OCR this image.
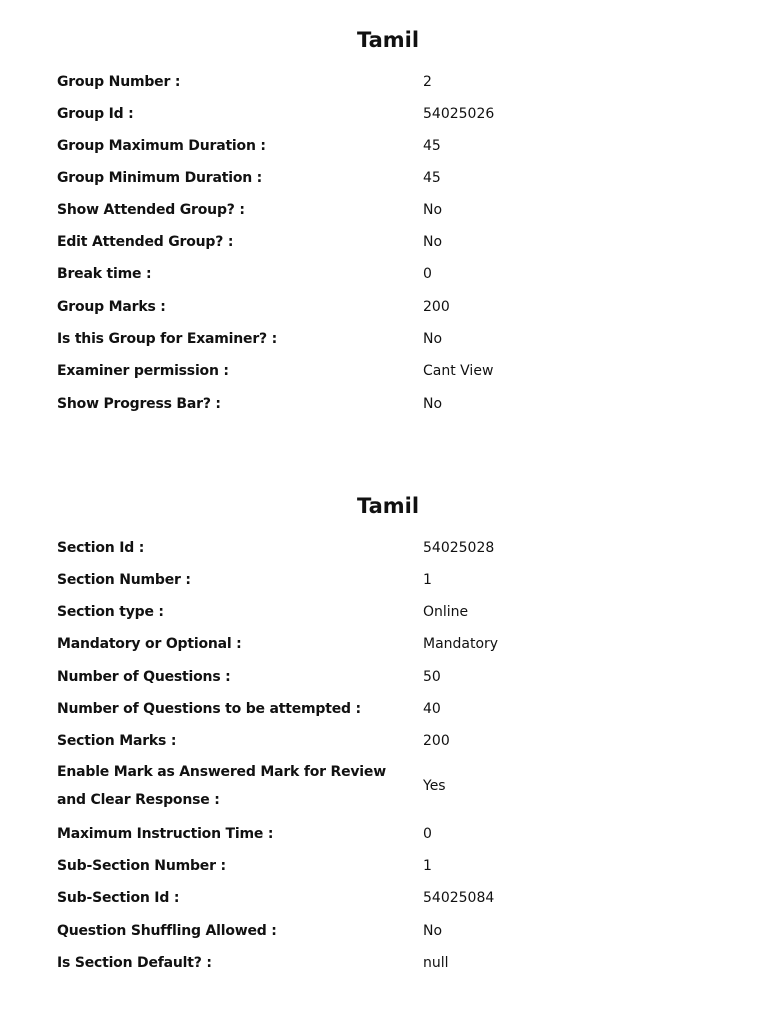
Tamil
Group Number :	2
Group Id :	54025026
Group Maximum Duration :	45
Group Minimum Duration :	45
Show Attended Group? :	No
Edit Attended Group? :	No
Break time :	0
Group Marks :	200
Is this Group for Examiner? :	No
Examiner permission :	Cant View
Show Progress Bar? :	No
Tamil
Section Id :	54025028
Section Number :	1
Section type :	Online
Mandatory or Optional :	Mandatory
Number of Questions :	50
Number of Questions to be attempted :	40
Section Marks :	200
Enable Mark as Answered Mark for Review and Clear Response :
Yes
Maximum Instruction Time :	0
Sub-Section Number :	1
Sub-Section Id :	54025084
Question Shuffling Allowed :	No
Is Section Default? :	null
